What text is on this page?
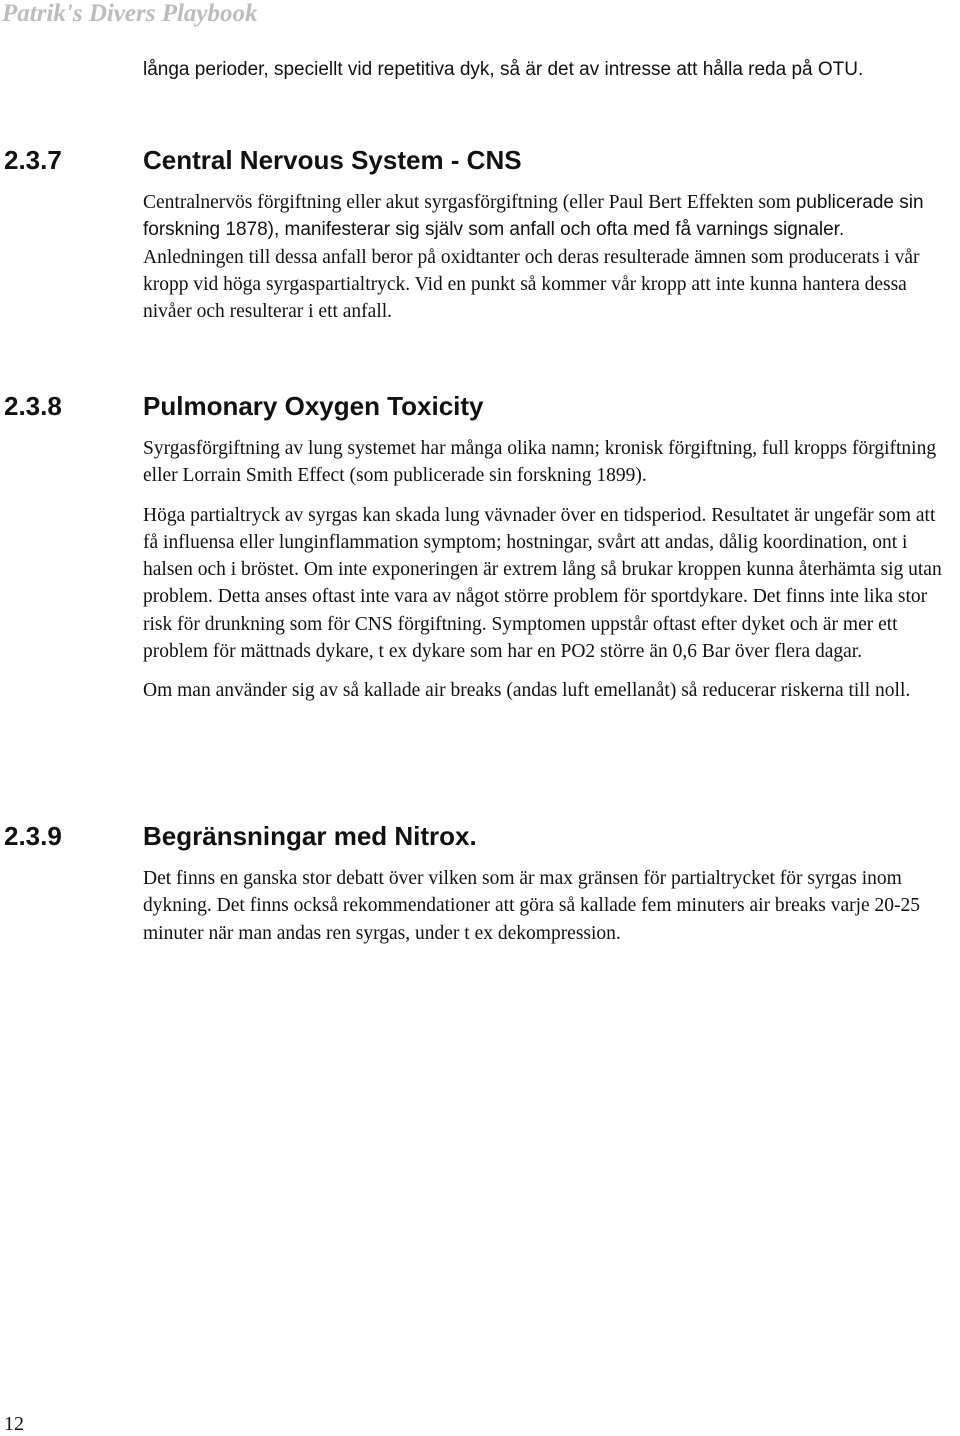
Patrik's Divers Playbook

långa perioder, speciellt vid repetitiva dyk, så är det av intresse att hålla reda på OTU.

2.3.7	Central Nervous System - CNS

Centralnervös förgiftning eller akut syrgasförgiftning (eller Paul Bert Effekten som publicerade sin forskning 1878), manifesterar sig själv som anfall och ofta med få varnings signaler. Anledningen till dessa anfall beror på oxidtanter och deras resulterade ämnen som producerats i vår kropp vid höga syrgaspartialtryck. Vid en punkt så kommer vår kropp att inte kunna hantera dessa nivåer och resulterar i ett anfall.

2.3.8	Pulmonary Oxygen Toxicity

Syrgasförgiftning av lung systemet har många olika namn; kronisk förgiftning, full kropps förgiftning eller Lorrain Smith Effect (som publicerade sin forskning 1899).

Höga partialtryck av syrgas kan skada lung vävnader över en tidsperiod. Resultatet är ungefär som att få influensa eller lunginflammation symptom; hostningar, svårt att andas, dålig koordination, ont i halsen och i bröstet. Om inte exponeringen är extrem lång så brukar kroppen kunna återhämta sig utan problem. Detta anses oftast inte vara av något större problem för sportdykare. Det finns inte lika stor risk för drunkning som för CNS förgiftning. Symptomen uppstår oftast efter dyket och är mer ett problem för mättnads dykare, t ex dykare som har en PO2 större än 0,6 Bar över flera dagar.

Om man använder sig av så kallade air breaks (andas luft emellanåt) så reducerar riskerna till noll.

2.3.9	Begränsningar med Nitrox.

Det finns en ganska stor debatt över vilken som är max gränsen för partialtrycket för syrgas inom dykning. Det finns också rekommendationer att göra så kallade fem minuters air breaks varje 20-25 minuter när man andas ren syrgas, under t ex dekompression.

12
